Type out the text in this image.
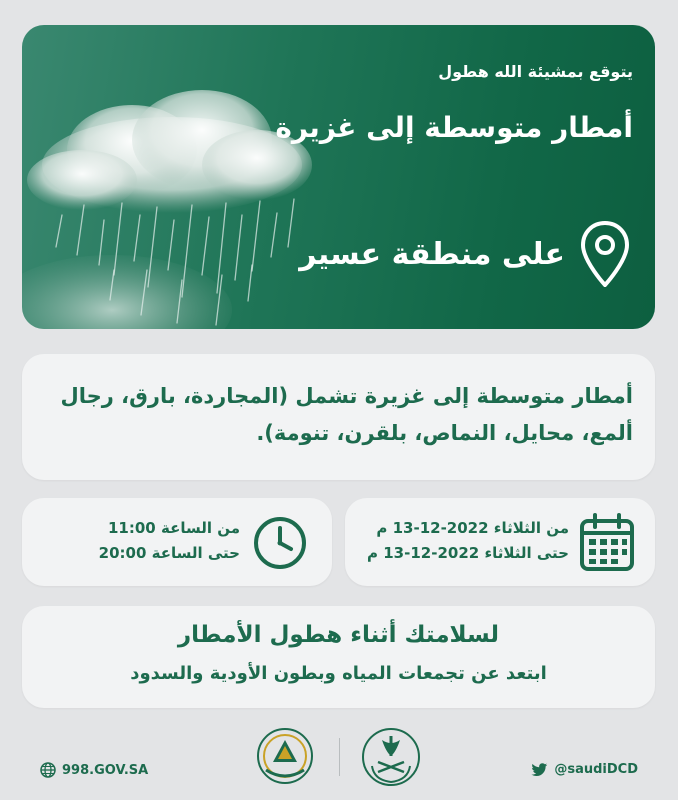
يتوقع بمشيئة الله هطول
أمطار متوسطة إلى غزيرة
على منطقة عسير
أمطار متوسطة إلى غزيرة تشمل (المجاردة، بارق، رجال ألمع، محايل، النماص، بلقرن، تنومة).
من الثلاثاء 2022-12-13 م
حتى الثلاثاء 2022-12-13 م
من الساعة 11:00
حتى الساعة 20:00
لسلامتك أثناء هطول الأمطار
ابتعد عن تجمعات المياه وبطون الأودية والسدود
998.GOV.SA	@saudiDCD
